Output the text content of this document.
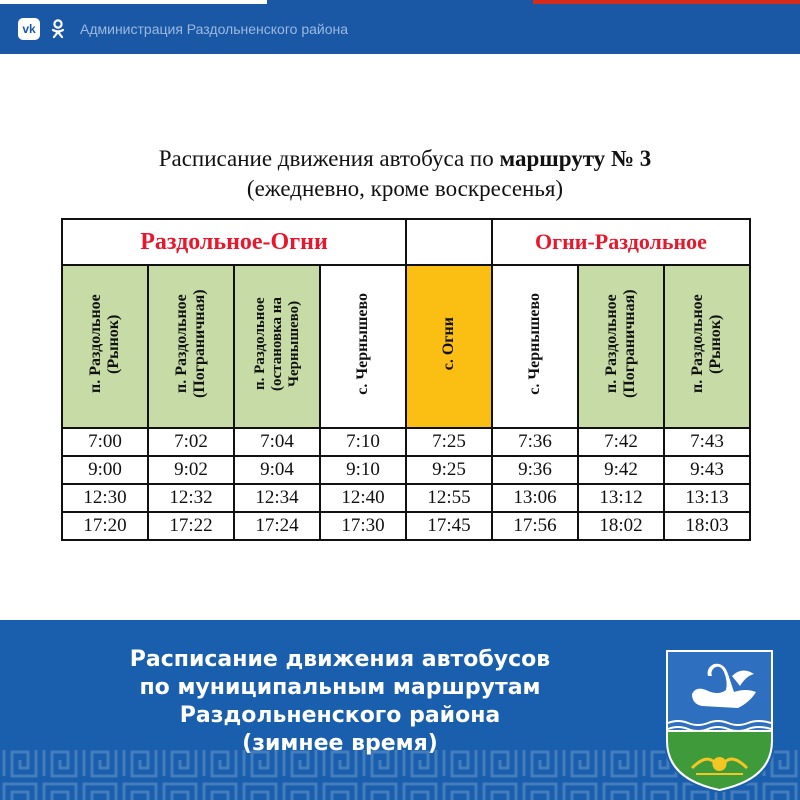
vk	Администрация Раздольненского района
Расписание движения автобуса по маршруту № 3
(ежедневно, кроме воскресенья)
Раздольное-Огни					Огни-Раздольное		
п. Раздольное (Рынок)	п. Раздольное (Пограничная)	п. Раздольное (остановка на Чернышево)	с. Чернышево	с. Огни	с. Чернышево	п. Раздольное (Пограничная)	п. Раздольное (Рынок)
7:00	7:02	7:04	7:10	7:25	7:36	7:42	7:43
9:00	9:02	9:04	9:10	9:25	9:36	9:42	9:43
12:30	12:32	12:34	12:40	12:55	13:06	13:12	13:13
17:20	17:22	17:24	17:30	17:45	17:56	18:02	18:03
Расписание движения автобусов
по муниципальным маршрутам
Раздольненского района
(зимнее время)
